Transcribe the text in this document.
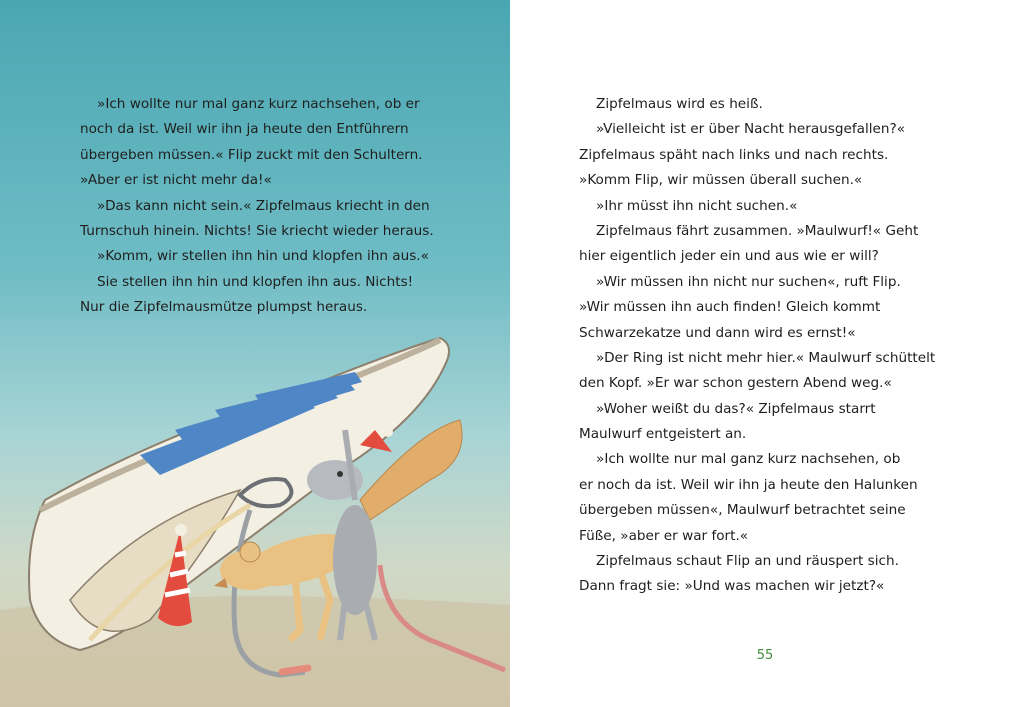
»Ich wollte nur mal ganz kurz nachsehen, ob er
noch da ist. Weil wir ihn ja heute den Entführern
übergeben müssen.« Flip zuckt mit den Schultern.
»Aber er ist nicht mehr da!«
»Das kann nicht sein.« Zipfelmaus kriecht in den
Turnschuh hinein. Nichts! Sie kriecht wieder heraus.
»Komm, wir stellen ihn hin und klopfen ihn aus.«
Sie stellen ihn hin und klopfen ihn aus. Nichts!
Nur die Zipfelmausmütze plumpst heraus.
Zipfelmaus wird es heiß.
»Vielleicht ist er über Nacht herausgefallen?«
Zipfelmaus späht nach links und nach rechts.
»Komm Flip, wir müssen überall suchen.«
»Ihr müsst ihn nicht suchen.«
Zipfelmaus fährt zusammen. »Maulwurf!« Geht
hier eigentlich jeder ein und aus wie er will?
»Wir müssen ihn nicht nur suchen«, ruft Flip.
»Wir müssen ihn auch finden! Gleich kommt
Schwarzekatze und dann wird es ernst!«
»Der Ring ist nicht mehr hier.« Maulwurf schüttelt
den Kopf. »Er war schon gestern Abend weg.«
»Woher weißt du das?« Zipfelmaus starrt
Maulwurf entgeistert an.
»Ich wollte nur mal ganz kurz nachsehen, ob
er noch da ist. Weil wir ihn ja heute den Halunken
übergeben müssen«, Maulwurf betrachtet seine
Füße, »aber er war fort.«
Zipfelmaus schaut Flip an und räuspert sich.
Dann fragt sie: »Und was machen wir jetzt?«
55
